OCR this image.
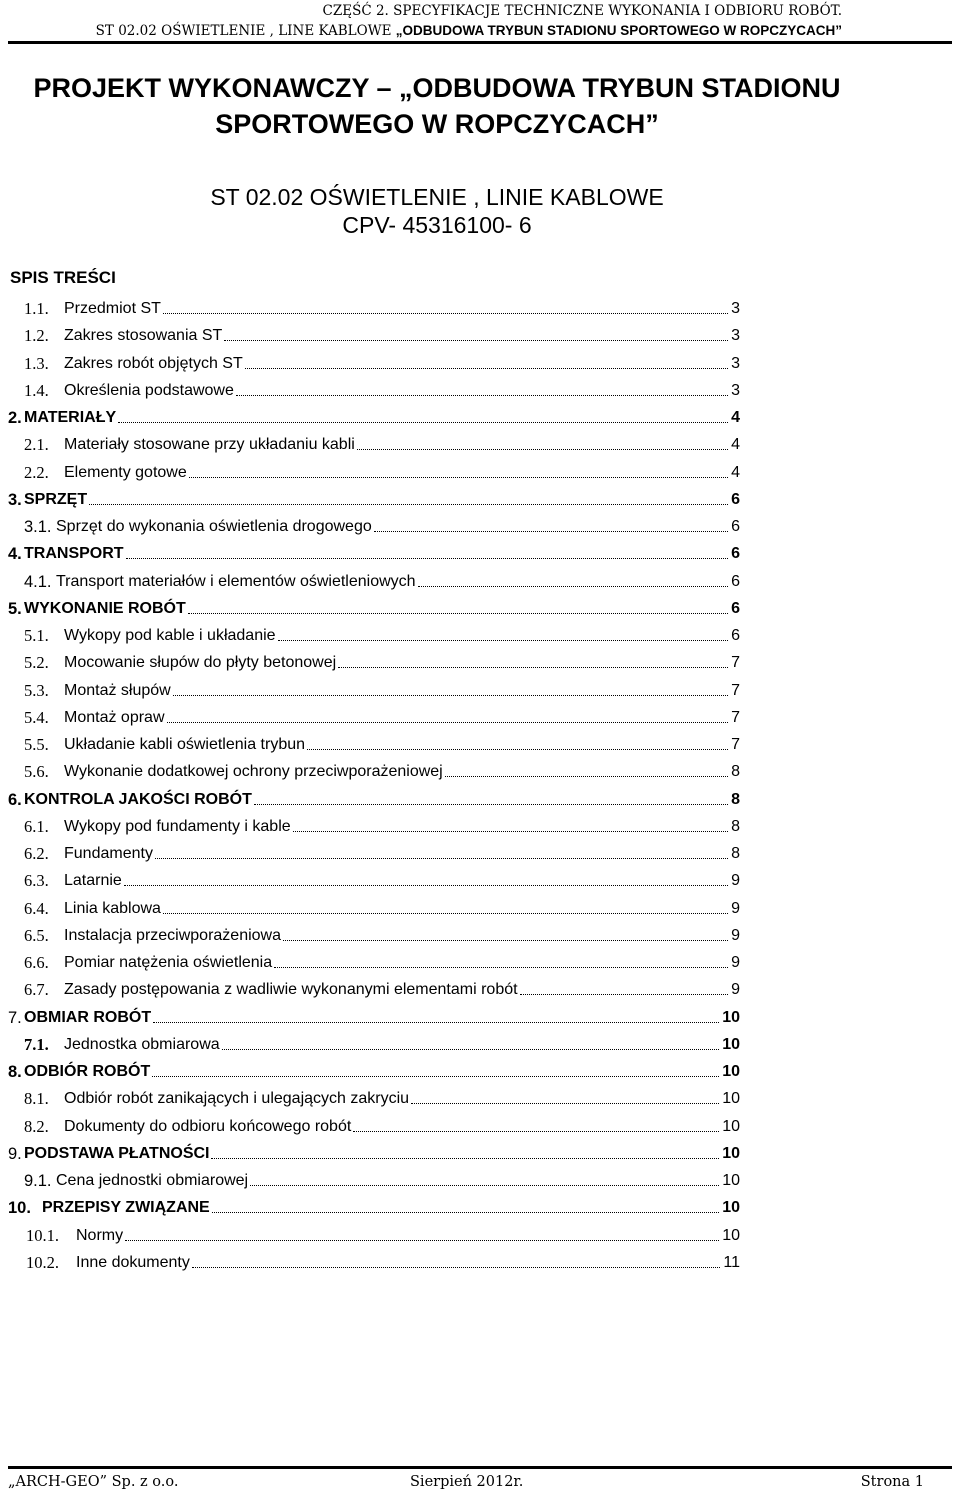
CZĘŚĆ 2. SPECYFIKACJE TECHNICZNE WYKONANIA I ODBIORU ROBÓT.
ST 02.02 OŚWIETLENIE , LINE KABLOWE „ODBUDOWA TRYBUN STADIONU SPORTOWEGO W ROPCZYCACH”
PROJEKT WYKONAWCZY – „ODBUDOWA TRYBUN STADIONU
SPORTOWEGO W ROPCZYCACH”
ST 02.02 OŚWIETLENIE , LINIE KABLOWE
CPV- 45316100- 6
SPIS TREŚCI
1.1. Przedmiot ST	3
1.2. Zakres stosowania ST	3
1.3. Zakres robót objętych ST	3
1.4. Określenia podstawowe	3
2. MATERIAŁY	4
2.1. Materiały stosowane przy układaniu kabli	4
2.2. Elementy gotowe	4
3. SPRZĘT	6
3.1. Sprzęt do wykonania oświetlenia drogowego	6
4. TRANSPORT	6
4.1. Transport materiałów i elementów oświetleniowych	6
5. WYKONANIE ROBÓT	6
5.1. Wykopy pod kable i układanie	6
5.2. Mocowanie słupów do płyty betonowej	7
5.3. Montaż słupów	7
5.4. Montaż opraw	7
5.5. Układanie kabli oświetlenia trybun	7
5.6. Wykonanie dodatkowej ochrony przeciwporażeniowej	8
6. KONTROLA JAKOŚCI ROBÓT	8
6.1. Wykopy pod fundamenty i kable	8
6.2. Fundamenty	8
6.3. Latarnie	9
6.4. Linia kablowa	9
6.5. Instalacja przeciwporażeniowa	9
6.6. Pomiar natężenia oświetlenia	9
6.7. Zasady postępowania z wadliwie wykonanymi elementami robót	9
7. OBMIAR ROBÓT	10
7.1. Jednostka obmiarowa	10
8. ODBIÓR ROBÓT	10
8.1. Odbiór robót zanikających i ulegających zakryciu	10
8.2. Dokumenty do odbioru końcowego robót	10
9. PODSTAWA PŁATNOŚCI	10
9.1. Cena jednostki obmiarowej	10
10. PRZEPISY ZWIĄZANE	10
10.1.	Normy	10
10.2.	Inne dokumenty	11
„ARCH-GEO” Sp. z o.o.	Sierpień 2012r.	Strona 1
